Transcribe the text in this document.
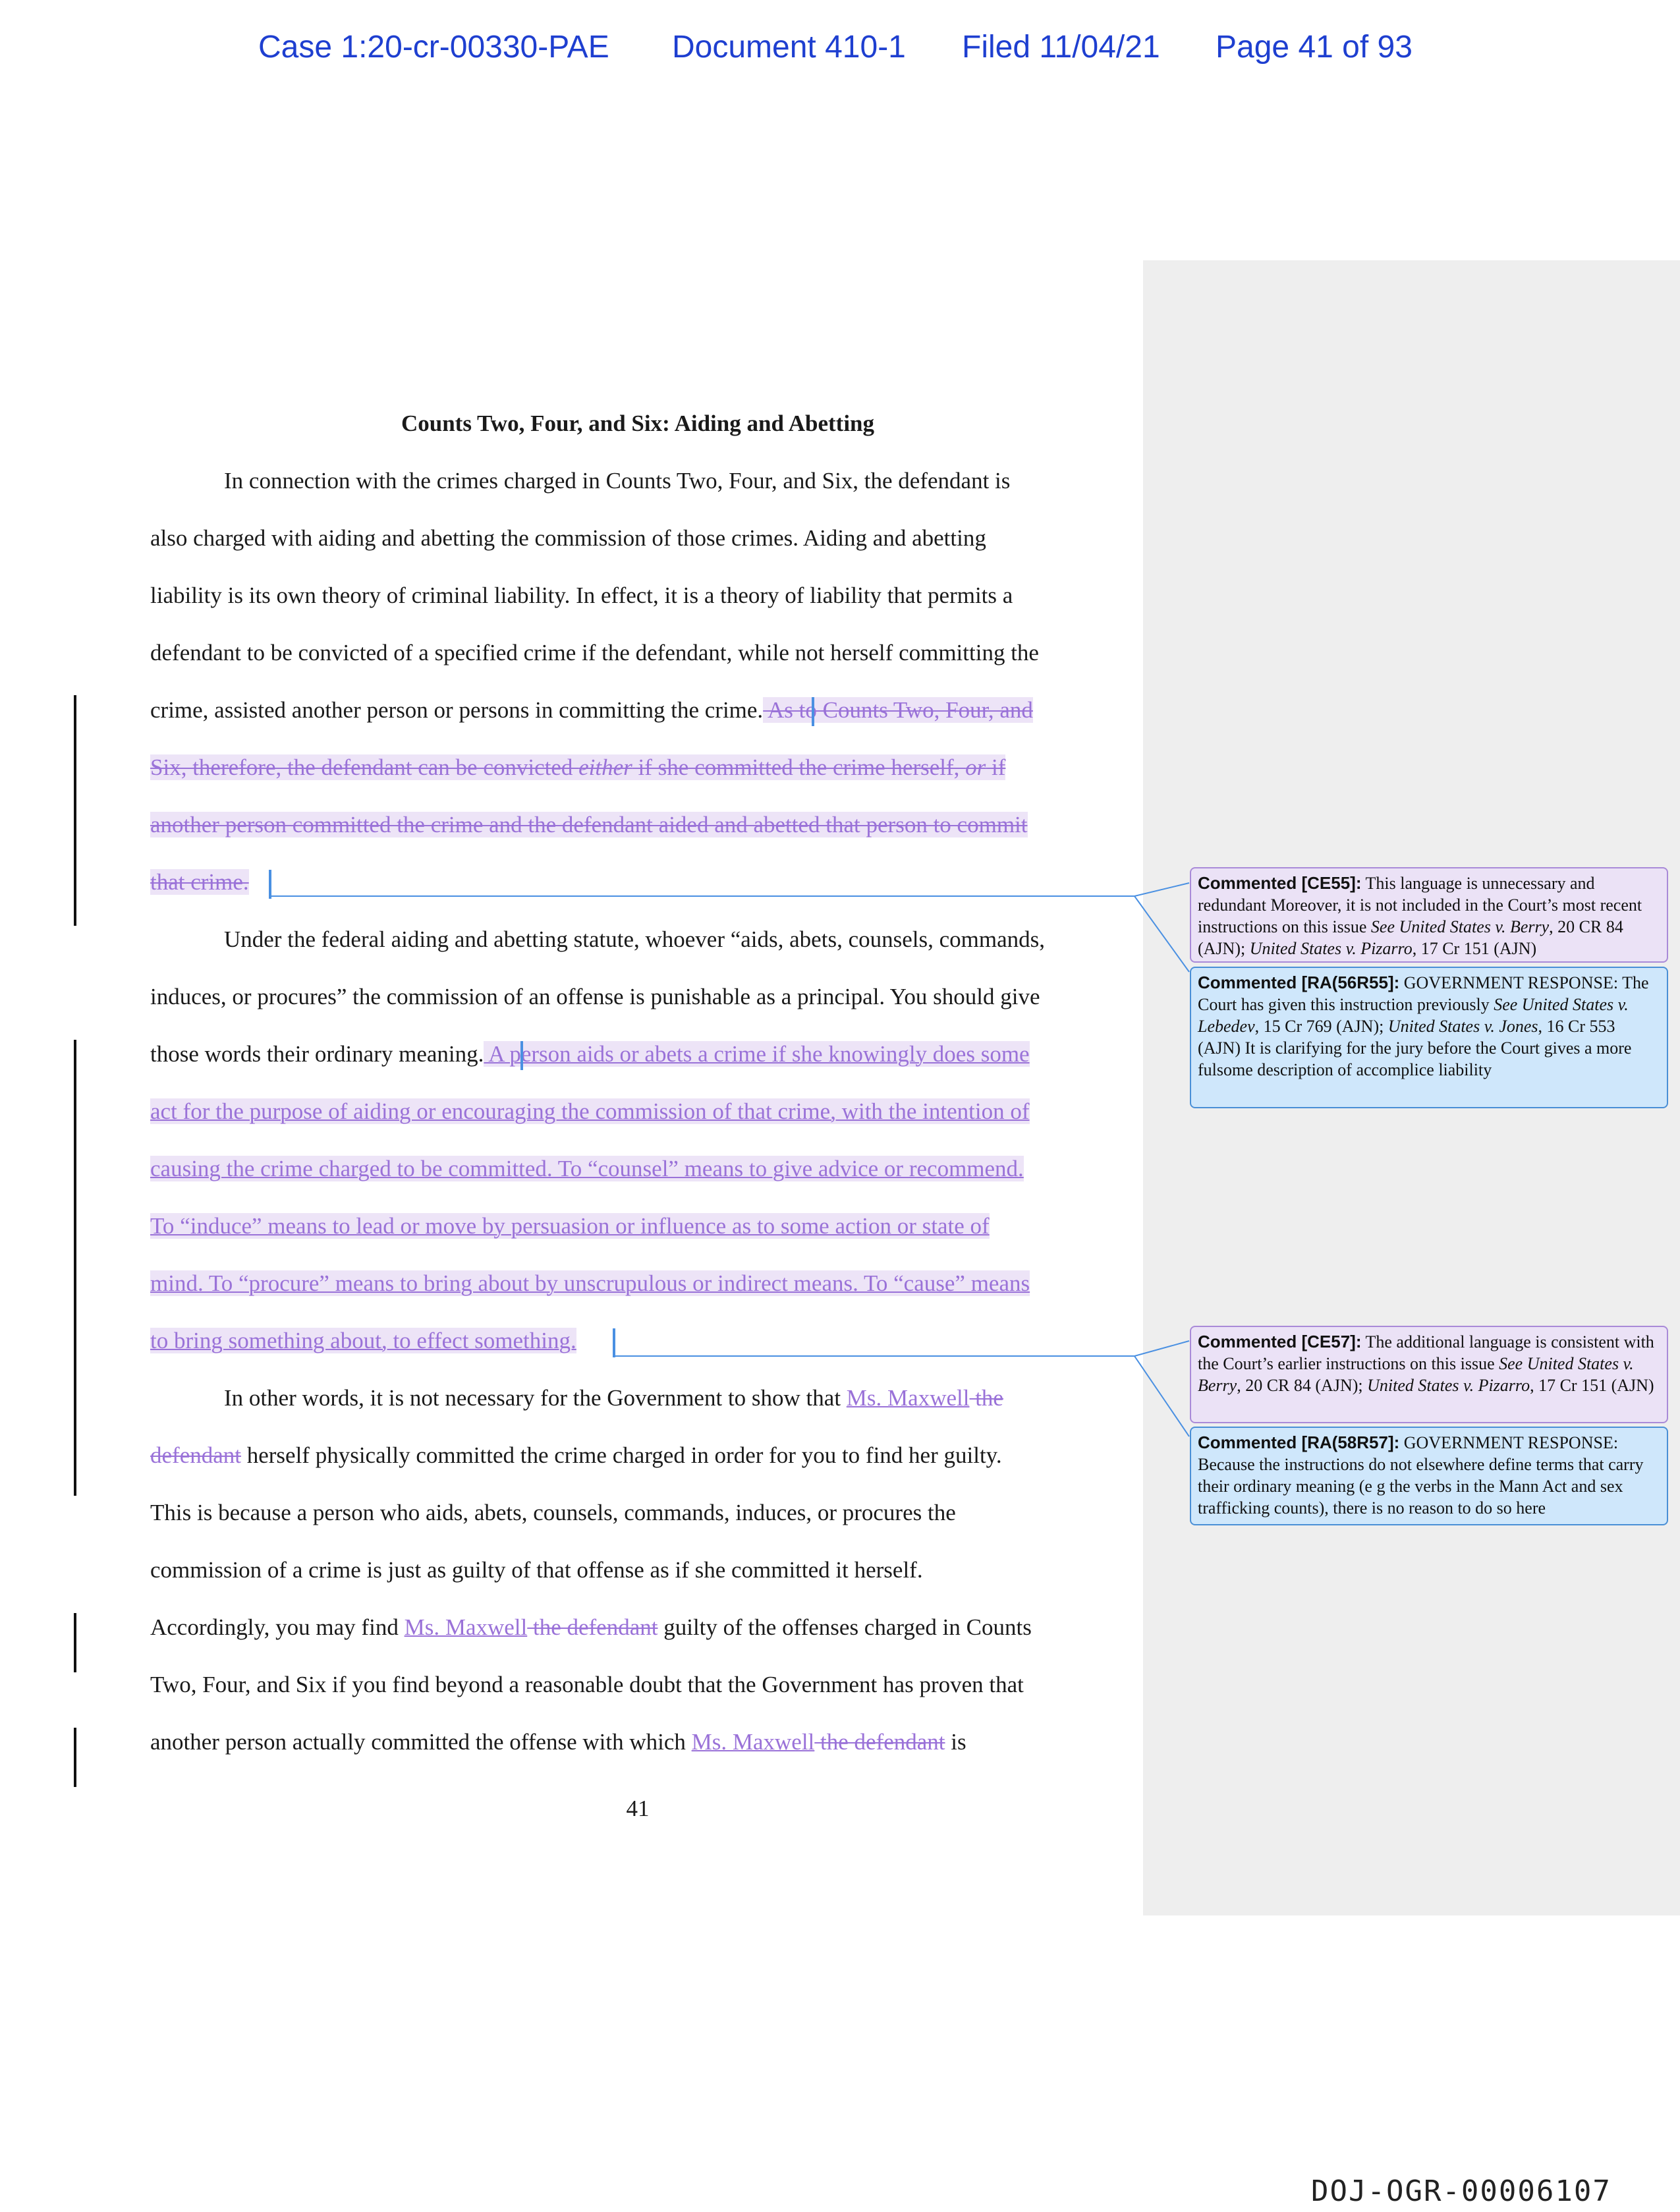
Case 1:20-cr-00330-PAE Document 410-1 Filed 11/04/21 Page 41 of 93
Counts Two, Four, and Six: Aiding and Abetting
In connection with the crimes charged in Counts Two, Four, and Six, the defendant is
also charged with aiding and abetting the commission of those crimes. Aiding and abetting
liability is its own theory of criminal liability. In effect, it is a theory of liability that permits a
defendant to be convicted of a specified crime if the defendant, while not herself committing the
crime, assisted another person or persons in committing the crime. As to Counts Two, Four, and
Six, therefore, the defendant can be convicted either if she committed the crime herself, or if
another person committed the crime and the defendant aided and abetted that person to commit
that crime.
Under the federal aiding and abetting statute, whoever “aids, abets, counsels, commands,
induces, or procures” the commission of an offense is punishable as a principal. You should give
those words their ordinary meaning. A person aids or abets a crime if she knowingly does some
act for the purpose of aiding or encouraging the commission of that crime, with the intention of
causing the crime charged to be committed. To “counsel” means to give advice or recommend.
To “induce” means to lead or move by persuasion or influence as to some action or state of
mind. To “procure” means to bring about by unscrupulous or indirect means. To “cause” means
to bring something about, to effect something.
In other words, it is not necessary for the Government to show that Ms. Maxwell the
defendant herself physically committed the crime charged in order for you to find her guilty.
This is because a person who aids, abets, counsels, commands, induces, or procures the
commission of a crime is just as guilty of that offense as if she committed it herself.
Accordingly, you may find Ms. Maxwell the defendant guilty of the offenses charged in Counts
Two, Four, and Six if you find beyond a reasonable doubt that the Government has proven that
another person actually committed the offense with which Ms. Maxwell the defendant is
Commented [CE55]: This language is unnecessary and redundant Moreover, it is not included in the Court’s most recent instructions on this issue See United States v. Berry, 20 CR 84 (AJN); United States v. Pizarro, 17 Cr 151 (AJN)
Commented [RA(56R55]: GOVERNMENT RESPONSE: The Court has given this instruction previously See United States v. Lebedev, 15 Cr 769 (AJN); United States v. Jones, 16 Cr 553 (AJN) It is clarifying for the jury before the Court gives a more fulsome description of accomplice liability
Commented [CE57]: The additional language is consistent with the Court’s earlier instructions on this issue See United States v. Berry, 20 CR 84 (AJN); United States v. Pizarro, 17 Cr 151 (AJN)
Commented [RA(58R57]: GOVERNMENT RESPONSE: Because the instructions do not elsewhere define terms that carry their ordinary meaning (e g the verbs in the Mann Act and sex trafficking counts), there is no reason to do so here
41
DOJ-OGR-00006107
